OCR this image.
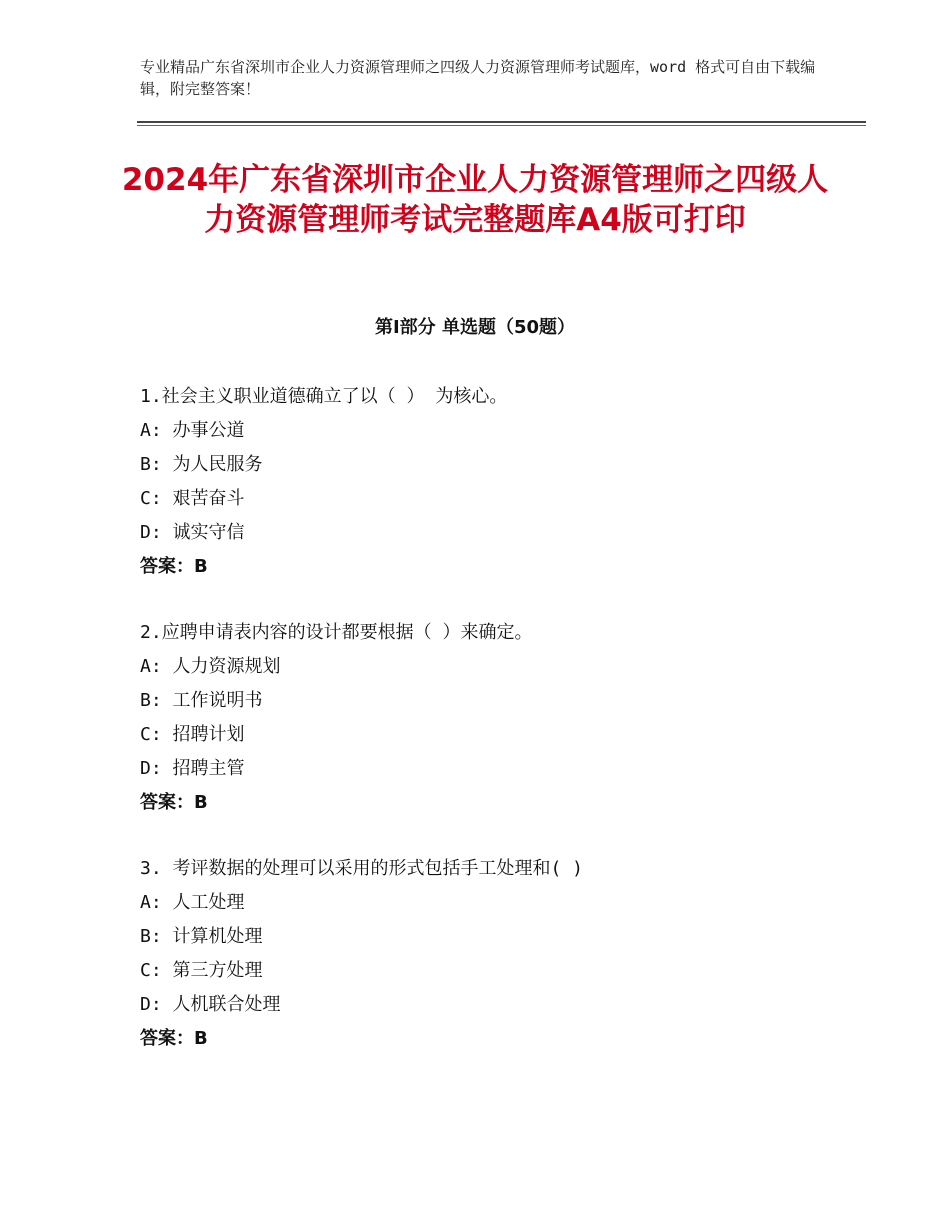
专业精品广东省深圳市企业人力资源管理师之四级人力资源管理师考试题库，word 格式可自由下载编辑，附完整答案！
2024年广东省深圳市企业人力资源管理师之四级人力资源管理师考试完整题库A4版可打印
第Ⅰ部分 单选题（50题）
1.社会主义职业道德确立了以（ ） 为核心。
A: 办事公道
B: 为人民服务
C: 艰苦奋斗
D: 诚实守信
答案：B
2.应聘申请表内容的设计都要根据（ ）来确定。
A: 人力资源规划
B: 工作说明书
C: 招聘计划
D: 招聘主管
答案：B
3. 考评数据的处理可以采用的形式包括手工处理和( )
A: 人工处理
B: 计算机处理
C: 第三方处理
D: 人机联合处理
答案：B
